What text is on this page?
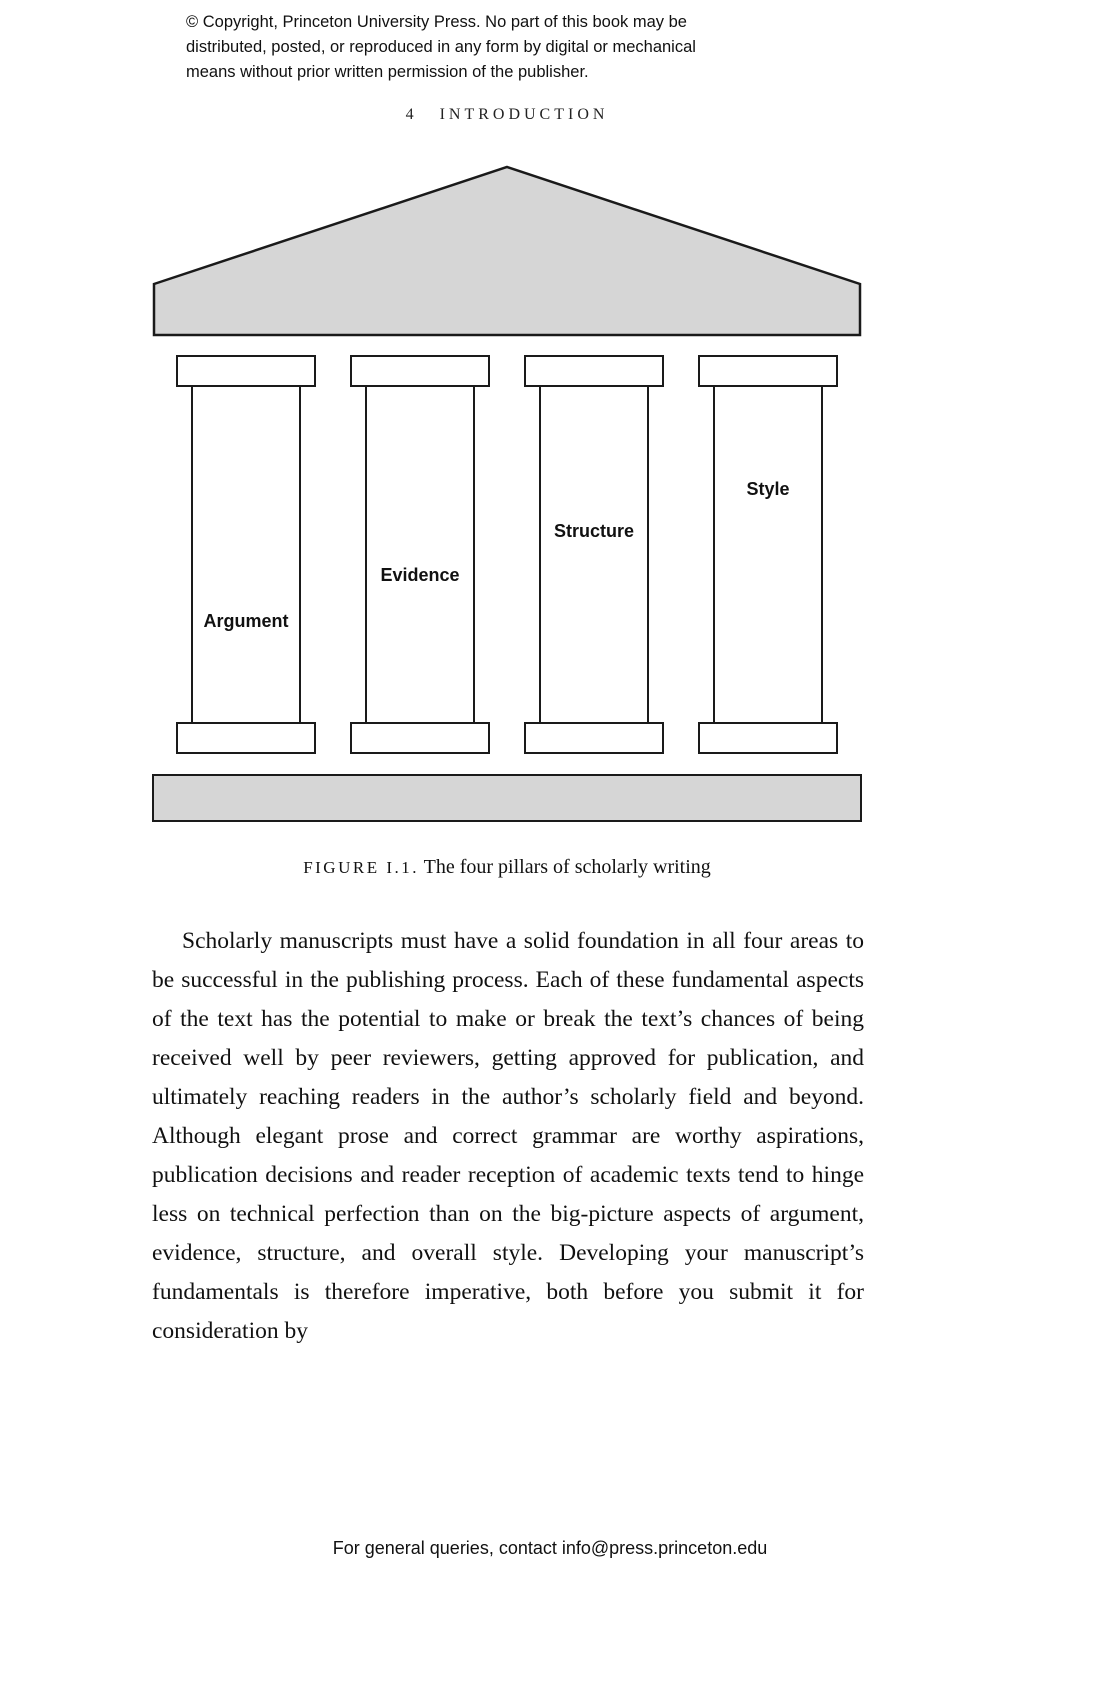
© Copyright, Princeton University Press. No part of this book may be
distributed, posted, or reproduced in any form by digital or mechanical
means without prior written permission of the publisher.
4 INTRODUCTION
Argument
Evidence
Structure
Style
FIGURE I.1. The four pillars of scholarly writing

Scholarly manuscripts must have a solid foundation in all four areas to be successful in the publishing process. Each of these fundamental aspects of the text has the potential to make or break the text’s chances of being received well by peer reviewers, getting approved for publication, and ultimately reaching readers in the author’s scholarly field and beyond. Although elegant prose and correct grammar are worthy aspirations, publication decisions and reader reception of academic texts tend to hinge less on technical perfection than on the big-picture aspects of argument, evidence, structure, and overall style. Developing your manuscript’s fundamentals is therefore imperative, both before you submit it for consideration by

For general queries, contact info@press.princeton.edu
